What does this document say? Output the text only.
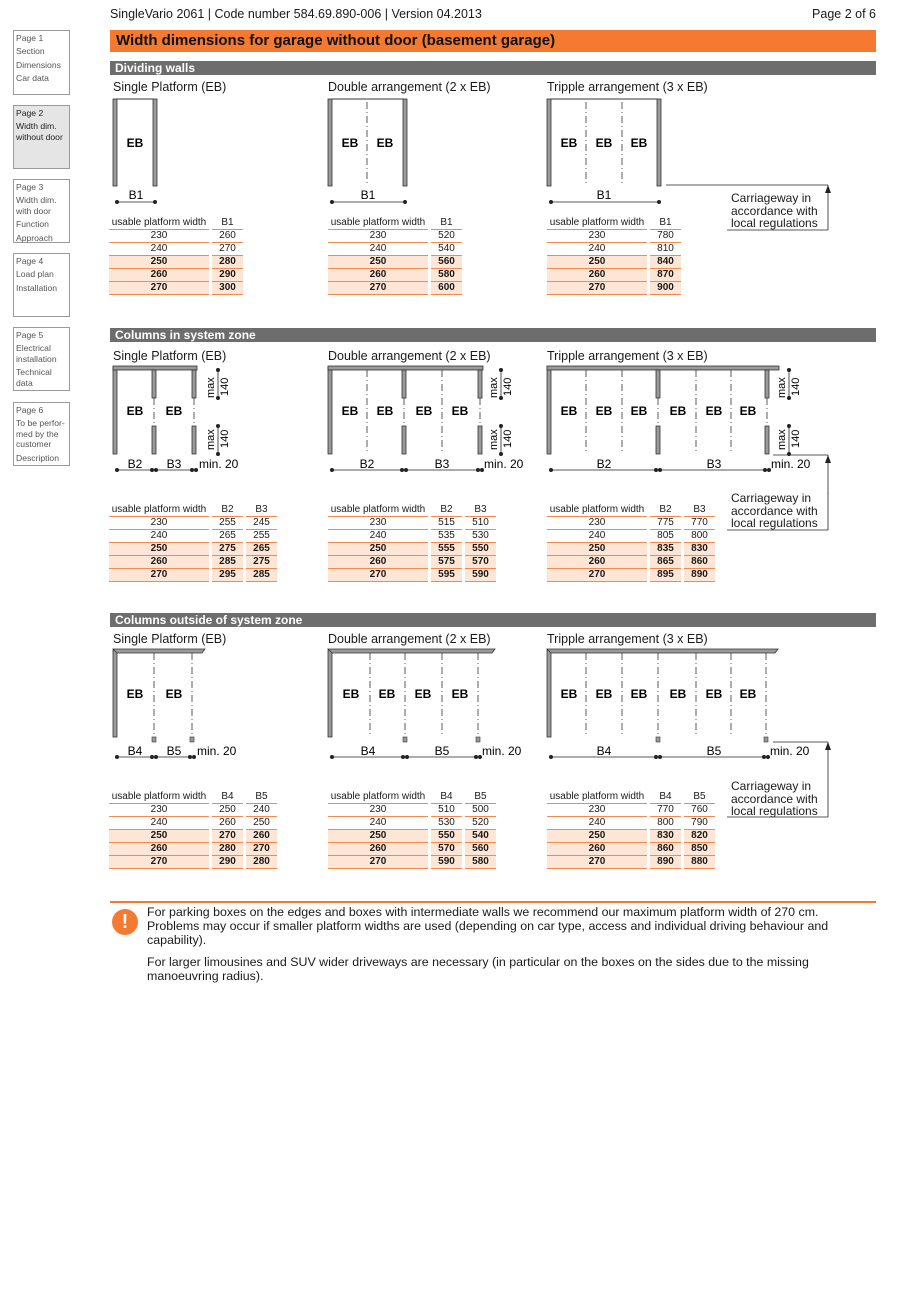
SingleVario 2061 | Code number 584.69.890-006 | Version 04.2013	Page 2 of 6
Page 1
Section
Dimensions
Car data
Page 2
Width dim.
without door
Page 3
Width dim.
with door
Function
Approach
Page 4
Load plan
Installation
Page 5
Electrical
installation
Technical
data
Page 6
To be perfor-
med by the
customer
Description
Width dimensions for garage without door (basement garage)
Dividing walls
Single Platform (EB)	Double arrangement (2 x EB)	Tripple arrangement (3 x EB)
EB
B1
EB EB
B1
EB EB EB
B1	Carriageway in
accordance with
local regulations
usable platform width	B1
230	260
240	270
250	280
260	290
270	300
usable platform width	B1
230	520
240	540
250	560
260	580
270	600
usable platform width	B1
230	780
240	810
250	840
260	870
270	900
Columns in system zone
Single Platform (EB)	Double arrangement (2 x EB)	Tripple arrangement (3 x EB)
EB EB
max 140
max 140
B2 B3 min. 20
EB EB EB EB
max 140
max 140
B2	B3	min. 20
EB EB EB EB EB EB
max 140
max 140
B2	B3	min. 20
Carriageway in
accordance with
local regulations
usable platform width	B2	B3
230	255	245
240	265	255
250	275	265
260	285	275
270	295	285
usable platform width	B2	B3
230	515	510
240	535	530
250	555	550
260	575	570
270	595	590
usable platform width	B2	B3
230	775	770
240	805	800
250	835	830
260	865	860
270	895	890
Columns outside of system zone
Single Platform (EB)	Double arrangement (2 x EB)	Tripple arrangement (3 x EB)
EB EB
B4 B5 min. 20
EB EB EB EB
B4	B5	min. 20
EB EB EB EB EB EB
B4	B5	min. 20
Carriageway in
accordance with
local regulations
usable platform width	B4	B5
230	250	240
240	260	250
250	270	260
260	280	270
270	290	280
usable platform width	B4	B5
230	510	500
240	530	520
250	550	540
260	570	560
270	590	580
usable platform width	B4	B5
230	770	760
240	800	790
250	830	820
260	860	850
270	890	880
!	For parking boxes on the edges and boxes with intermediate walls we recommend our maximum platform width of 270 cm. Problems may occur if smaller platform widths are used (depending on car type, access and individual driving behaviour and capability).

For larger limousines and SUV wider driveways are necessary (in particular on the boxes on the sides due to the missing manoeuvring radius).
